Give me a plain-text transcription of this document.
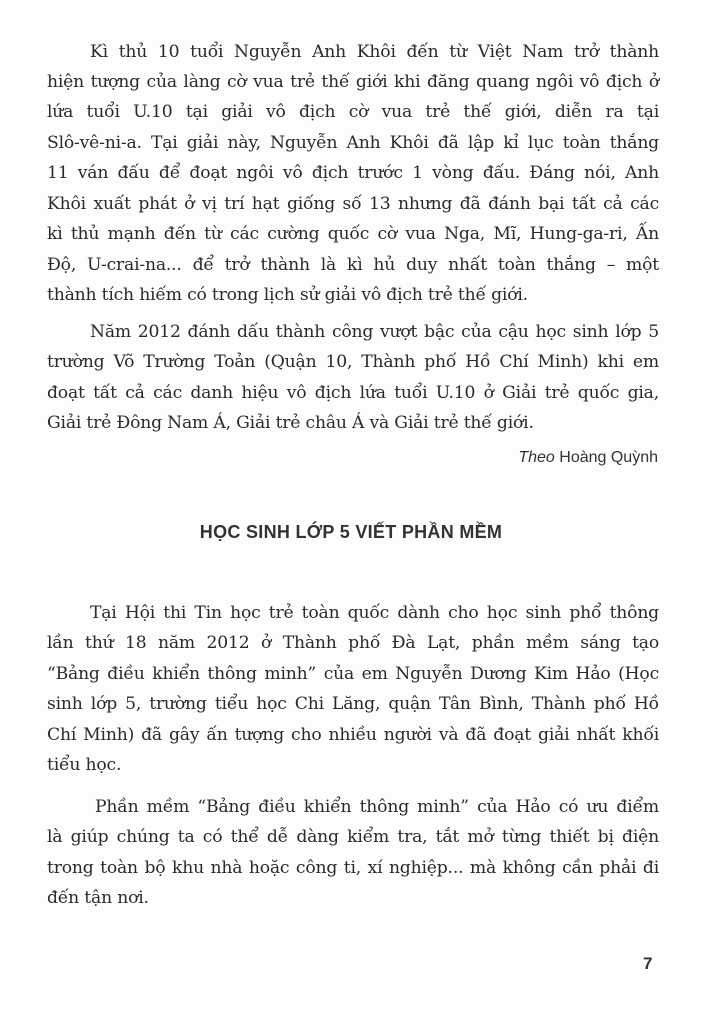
Kì thủ 10 tuổi Nguyễn Anh Khôi đến từ Việt Nam trở thành
hiện tượng của làng cờ vua trẻ thế giới khi đăng quang ngôi vô địch ở
lứa tuổi U.10 tại giải vô địch cờ vua trẻ thế giới, diễn ra tại
Slô-vê-ni-a. Tại giải này, Nguyễn Anh Khôi đã lập kỉ lục toàn thắng
11 ván đấu để đoạt ngôi vô địch trước 1 vòng đấu. Đáng nói, Anh
Khôi xuất phát ở vị trí hạt giống số 13 nhưng đã đánh bại tất cả các
kì thủ mạnh đến từ các cường quốc cờ vua Nga, Mĩ, Hung-ga-ri, Ấn
Độ, U-crai-na... để trở thành là kì hủ duy nhất toàn thắng – một
thành tích hiếm có trong lịch sử giải vô địch trẻ thế giới.
Năm 2012 đánh dấu thành công vượt bậc của cậu học sinh lớp 5
trường Võ Trường Toản (Quận 10, Thành phố Hồ Chí Minh) khi em
đoạt tất cả các danh hiệu vô địch lứa tuổi U.10 ở Giải trẻ quốc gia,
Giải trẻ Đông Nam Á, Giải trẻ châu Á và Giải trẻ thế giới.
Theo Hoàng Quỳnh
HỌC SINH LỚP 5 VIẾT PHẦN MỀM
Tại Hội thi Tin học trẻ toàn quốc dành cho học sinh phổ thông
lần thứ 18 năm 2012 ở Thành phố Đà Lạt, phần mềm sáng tạo
“Bảng điều khiển thông minh” của em Nguyễn Dương Kim Hảo (Học
sinh lớp 5, trường tiểu học Chi Lăng, quận Tân Bình, Thành phố Hồ
Chí Minh) đã gây ấn tượng cho nhiều người và đã đoạt giải nhất khối
tiểu học.
Phần mềm “Bảng điều khiển thông minh” của Hảo có ưu điểm
là giúp chúng ta có thể dễ dàng kiểm tra, tắt mở từng thiết bị điện
trong toàn bộ khu nhà hoặc công ti, xí nghiệp... mà không cần phải đi
đến tận nơi.
7
